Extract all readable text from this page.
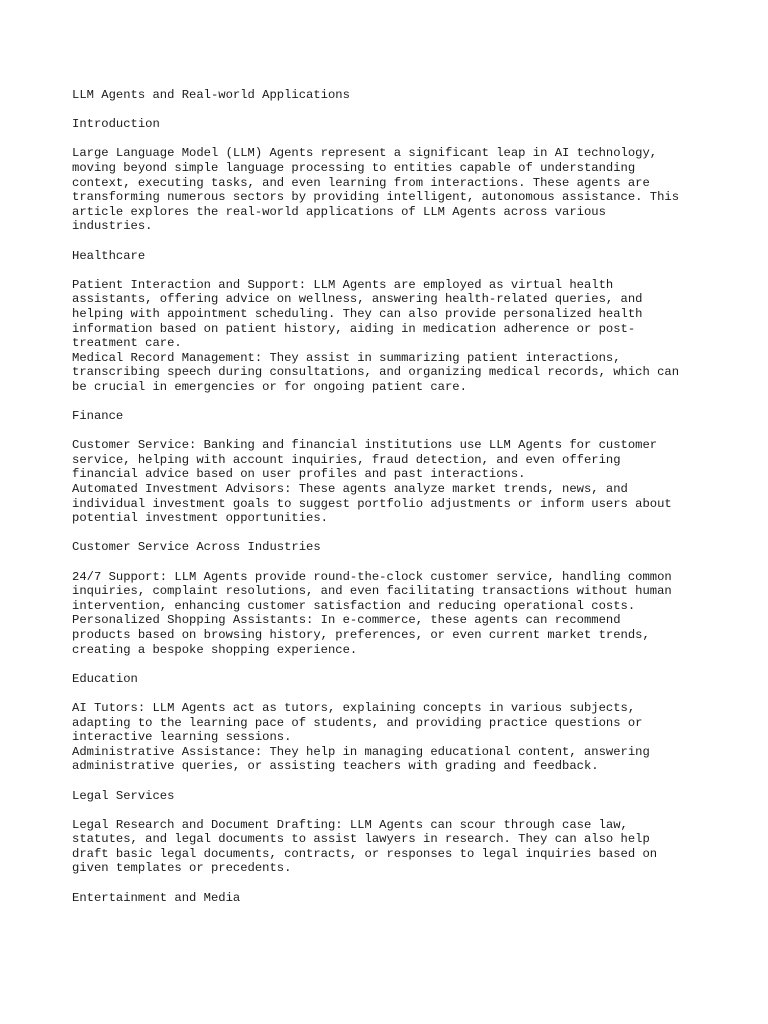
LLM Agents and Real-world Applications
Introduction
Large Language Model (LLM) Agents represent a significant leap in AI technology,
moving beyond simple language processing to entities capable of understanding
context, executing tasks, and even learning from interactions. These agents are
transforming numerous sectors by providing intelligent, autonomous assistance. This
article explores the real-world applications of LLM Agents across various
industries.
Healthcare
Patient Interaction and Support: LLM Agents are employed as virtual health
assistants, offering advice on wellness, answering health-related queries, and
helping with appointment scheduling. They can also provide personalized health
information based on patient history, aiding in medication adherence or post-
treatment care.
Medical Record Management: They assist in summarizing patient interactions,
transcribing speech during consultations, and organizing medical records, which can
be crucial in emergencies or for ongoing patient care.
Finance
Customer Service: Banking and financial institutions use LLM Agents for customer
service, helping with account inquiries, fraud detection, and even offering
financial advice based on user profiles and past interactions.
Automated Investment Advisors: These agents analyze market trends, news, and
individual investment goals to suggest portfolio adjustments or inform users about
potential investment opportunities.
Customer Service Across Industries
24/7 Support: LLM Agents provide round-the-clock customer service, handling common
inquiries, complaint resolutions, and even facilitating transactions without human
intervention, enhancing customer satisfaction and reducing operational costs.
Personalized Shopping Assistants: In e-commerce, these agents can recommend
products based on browsing history, preferences, or even current market trends,
creating a bespoke shopping experience.
Education
AI Tutors: LLM Agents act as tutors, explaining concepts in various subjects,
adapting to the learning pace of students, and providing practice questions or
interactive learning sessions.
Administrative Assistance: They help in managing educational content, answering
administrative queries, or assisting teachers with grading and feedback.
Legal Services
Legal Research and Document Drafting: LLM Agents can scour through case law,
statutes, and legal documents to assist lawyers in research. They can also help
draft basic legal documents, contracts, or responses to legal inquiries based on
given templates or precedents.
Entertainment and Media
